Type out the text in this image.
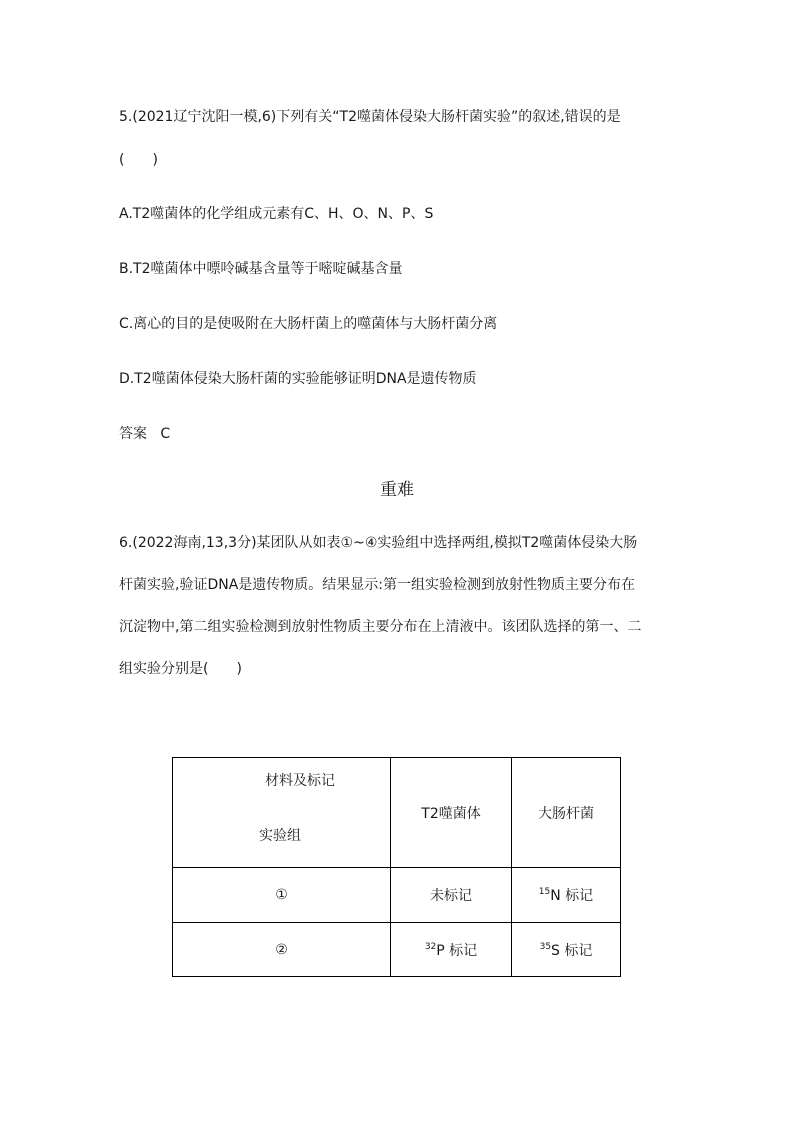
5.(2021辽宁沈阳一模,6)下列有关“T2噬菌体侵染大肠杆菌实验”的叙述,错误的是
(　　)
A.T2噬菌体的化学组成元素有C、H、O、N、P、S
B.T2噬菌体中嘌呤碱基含量等于嘧啶碱基含量
C.离心的目的是使吸附在大肠杆菌上的噬菌体与大肠杆菌分离
D.T2噬菌体侵染大肠杆菌的实验能够证明DNA是遗传物质
答案 C
重难
6.(2022海南,13,3分)某团队从如表①~④实验组中选择两组,模拟T2噬菌体侵染大肠
杆菌实验,验证DNA是遗传物质。结果显示:第一组实验检测到放射性物质主要分布在
沉淀物中,第二组实验检测到放射性物质主要分布在上清液中。该团队选择的第一、二
组实验分别是(　　)
材料及标记
实验组	T2噬菌体	大肠杆菌
①	未标记	$^{15}$N 标记
②	$^{32}$P 标记	$^{35}$S 标记
